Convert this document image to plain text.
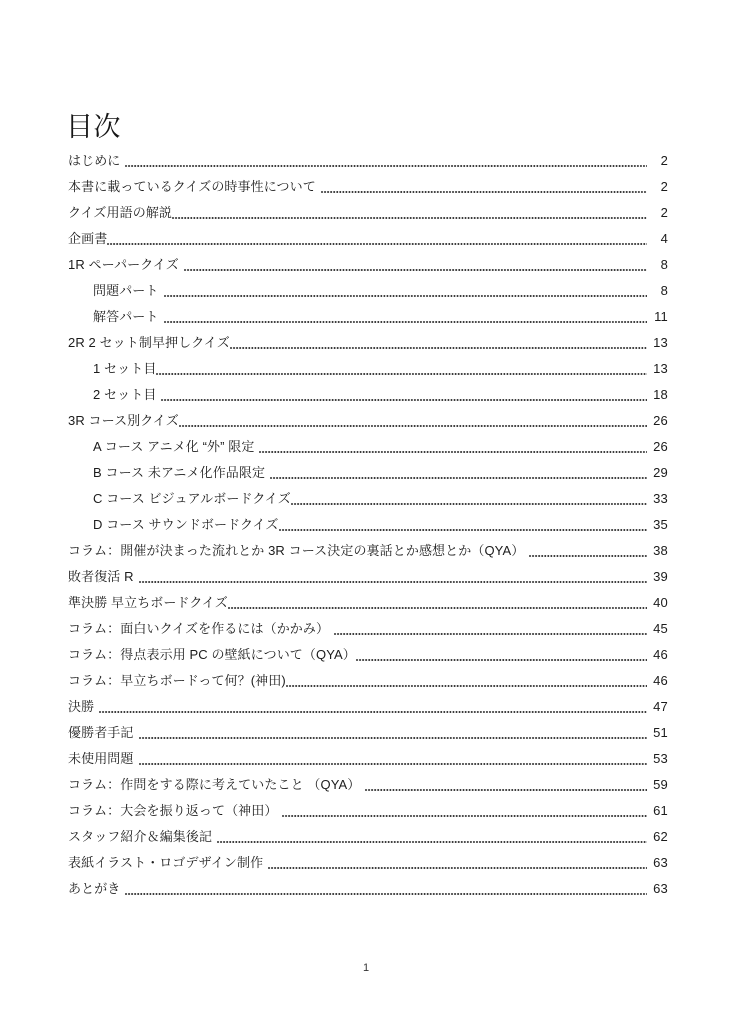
目次
はじめに	2
本書に載っているクイズの時事性について	2
クイズ用語の解説	2
企画書	4
1R ペーパークイズ	8
問題パート	8
解答パート	11
2R 2 セット制早押しクイズ	13
1 セット目	13
2 セット目	18
3R コース別クイズ	26
A コース アニメ化 “外” 限定	26
B コース 未アニメ化作品限定	29
C コース ビジュアルボードクイズ	33
D コース サウンドボードクイズ	35
コラム：開催が決まった流れとか 3R コース決定の裏話とか感想とか（QYA）	38
敗者復活 R	39
準決勝 早立ちボードクイズ	40
コラム：面白いクイズを作るには（かかみ）	45
コラム：得点表示用 PC の壁紙について（QYA）	46
コラム：早立ちボードって何？(神田)	46
決勝	47
優勝者手記	51
未使用問題	53
コラム：作問をする際に考えていたこと （QYA）	59
コラム：大会を振り返って（神田）	61
スタッフ紹介＆編集後記	62
表紙イラスト・ロゴデザイン制作	63
あとがき	63
1
